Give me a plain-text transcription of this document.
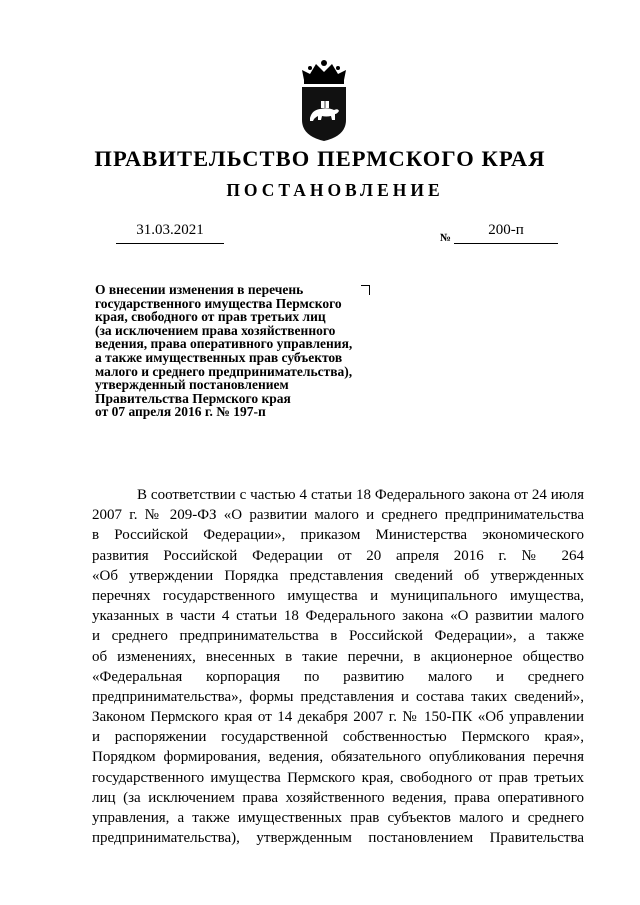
ПРАВИТЕЛЬСТВО ПЕРМСКОГО КРАЯ
ПОСТАНОВЛЕНИЕ
31.03.2021	№	200-п
О внесении изменения в перечень
государственного имущества Пермского
края, свободного от прав третьих лиц
(за исключением права хозяйственного
ведения, права оперативного управления,
а также имущественных прав субъектов
малого и среднего предпринимательства),
утвержденный постановлением
Правительства Пермского края
от 07 апреля 2016 г. № 197-п
В соответствии с частью 4 статьи 18 Федерального закона от 24 июля
2007 г. № 209-ФЗ «О развитии малого и среднего предпринимательства
в Российской Федерации», приказом Министерства экономического
развития Российской Федерации от 20 апреля 2016 г. № 264
«Об утверждении Порядка представления сведений об утвержденных
перечнях государственного имущества и муниципального имущества,
указанных в части 4 статьи 18 Федерального закона «О развитии малого
и среднего предпринимательства в Российской Федерации», а также
об изменениях, внесенных в такие перечни, в акционерное общество
«Федеральная корпорация по развитию малого и среднего
предпринимательства», формы представления и состава таких сведений»,
Законом Пермского края от 14 декабря 2007 г. № 150-ПК «Об управлении
и распоряжении государственной собственностью Пермского края»,
Порядком формирования, ведения, обязательного опубликования перечня
государственного имущества Пермского края, свободного от прав третьих
лиц (за исключением права хозяйственного ведения, права оперативного
управления, а также имущественных прав субъектов малого и среднего
предпринимательства), утвержденным постановлением Правительства
